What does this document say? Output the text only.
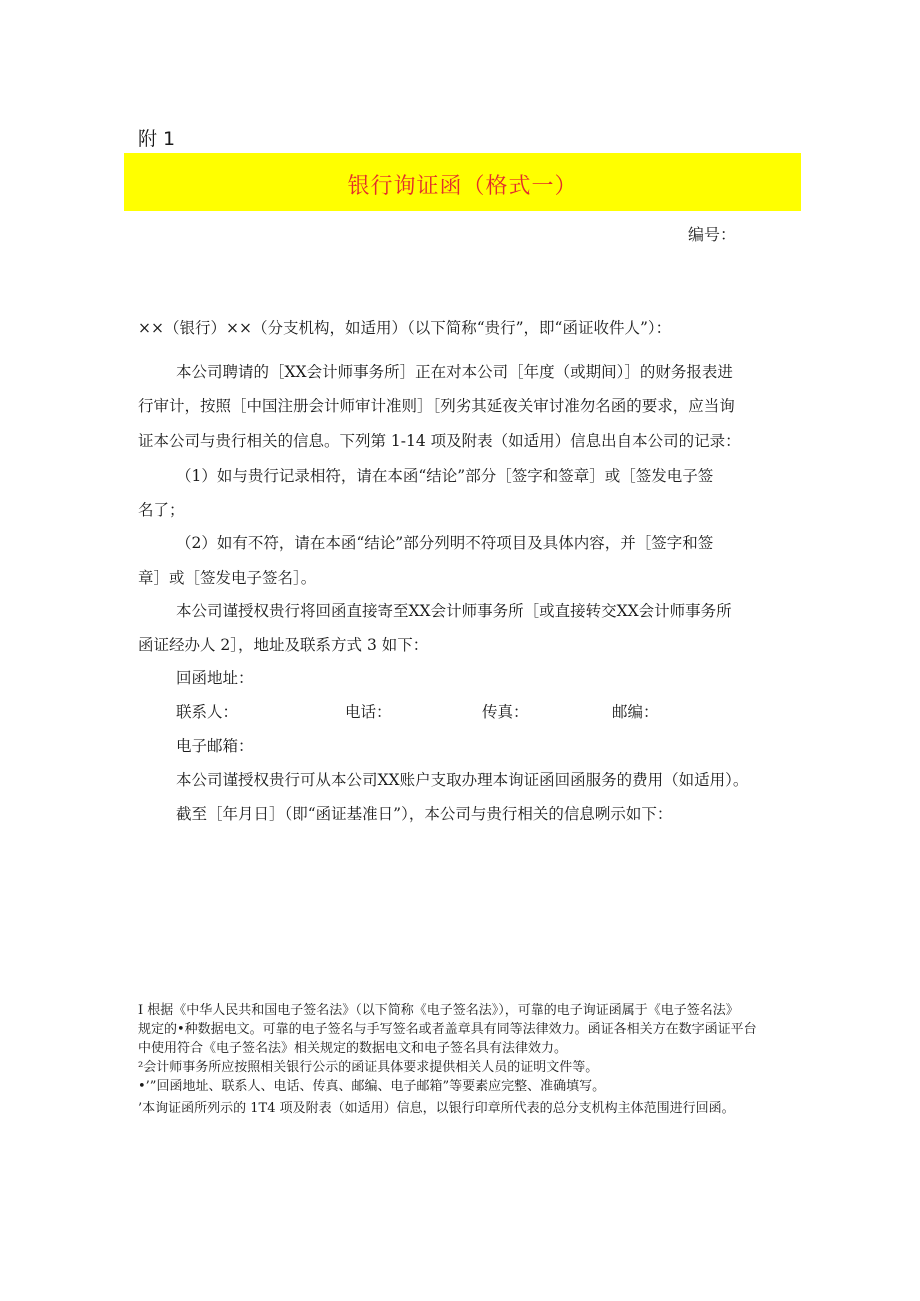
附 1
银行询证函（格式一）
编号：
××（银行）××（分支机构，如适用）（以下简称“贵行”，即“函证收件人”）：
本公司聘请的［XX会计师事务所］正在对本公司［年度（或期间）］的财务报表进
行审计，按照［中国注册会计师审计准则］［列劣其延夜关审讨准勿名函的要求，应当询
证本公司与贵行相关的信息。下列第 1-14 项及附表（如适用）信息出自本公司的记录：
（1）如与贵行记录相符，请在本函“结论”部分［签字和签章］或［签发电子签
名了；
（2）如有不符，请在本函“结论”部分列明不符项目及具体内容，并［签字和签
章］或［签发电子签名］。
本公司谨授权贵行将回函直接寄至XX会计师事务所［或直接转交XX会计师事务所
函证经办人 2］，地址及联系方式 3 如下：
回函地址：
联系人：	电话：	传真：	邮编：
电子邮箱：
本公司谨授权贵行可从本公司XX账户支取办理本询证函回函服务的费用（如适用）。
截至［年月日］（即“函证基准日”），本公司与贵行相关的信息咧示如下：
I 根据《中华人民共和国电子签名法》（以下简称《电子签名法》），可靠的电子询证函属于《电子签名法》
规定的•种数据电文。可靠的电子签名与手写签名或者盖章具有同等法律效力。函证各相关方在数字函证平台
中使用符合《电子签名法》相关规定的数据电文和电子签名具有法律效力。
²会计师事务所应按照相关银行公示的函证具体要求提供相关人员的证明文件等。
•’”回函地址、联系人、电话、传真、邮编、电子邮箱”等要素应完整、准确填写。
’本询证函所列示的 1T4 项及附表（如适用）信息，以银行印章所代表的总分支机构主体范围进行回函。
